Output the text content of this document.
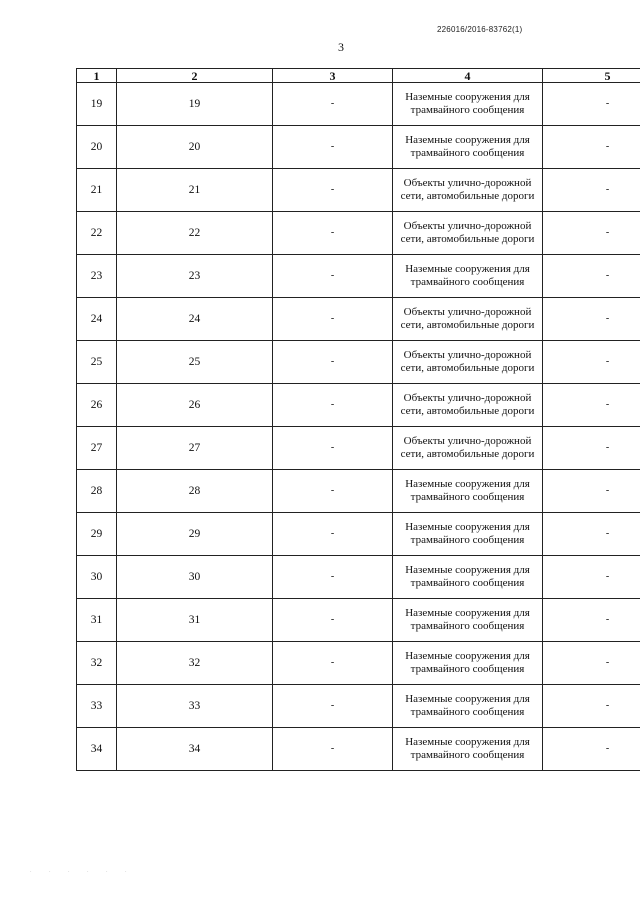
226016/2016-83762(1)
3
1	2	3	4	5
19	19	-	Наземные сооружения для трамвайного сообщения	-
20	20	-	Наземные сооружения для трамвайного сообщения	-
21	21	-	Объекты улично-дорожной сети, автомобильные дороги	-
22	22	-	Объекты улично-дорожной сети, автомобильные дороги	-
23	23	-	Наземные сооружения для трамвайного сообщения	-
24	24	-	Объекты улично-дорожной сети, автомобильные дороги	-
25	25	-	Объекты улично-дорожной сети, автомобильные дороги	-
26	26	-	Объекты улично-дорожной сети, автомобильные дороги	-
27	27	-	Объекты улично-дорожной сети, автомобильные дороги	-
28	28	-	Наземные сооружения для трамвайного сообщения	-
29	29	-	Наземные сооружения для трамвайного сообщения	-
30	30	-	Наземные сооружения для трамвайного сообщения	-
31	31	-	Наземные сооружения для трамвайного сообщения	-
32	32	-	Наземные сооружения для трамвайного сообщения	-
33	33	-	Наземные сооружения для трамвайного сообщения	-
34	34	-	Наземные сооружения для трамвайного сообщения	-
. . . . . .
